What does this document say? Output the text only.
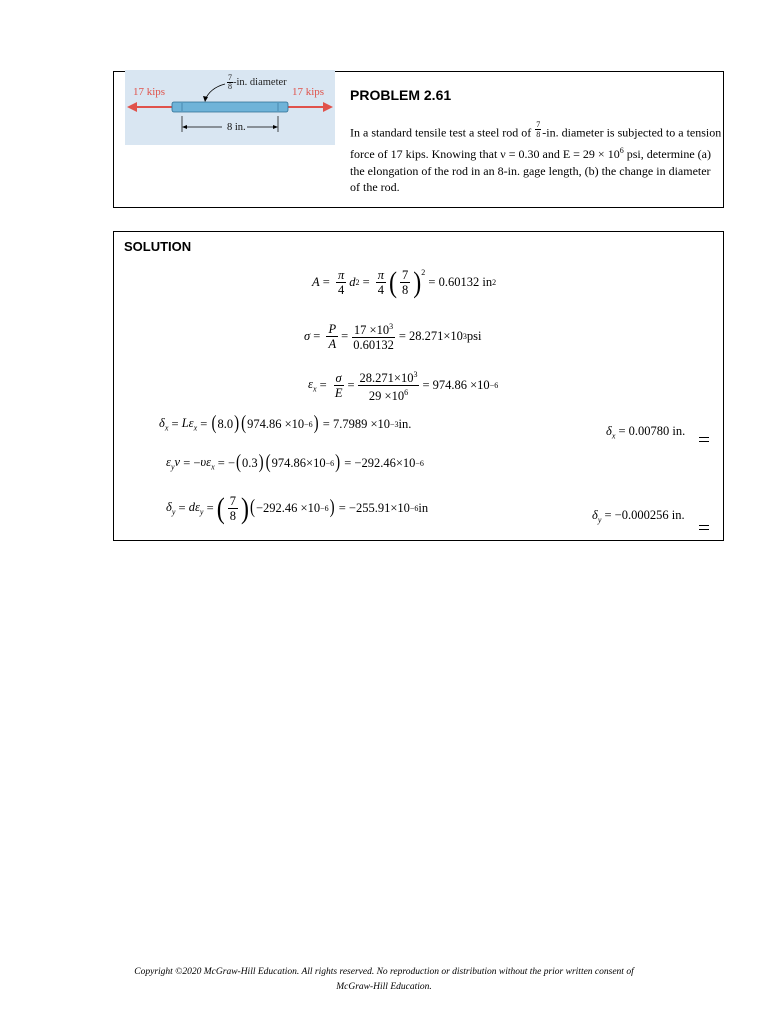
17 kips	17 kips
$\frac{7}{8} -in$. diameter
8 in.
PROBLEM 2.61
In a standard tensile test a steel rod of $\frac{7}{8} -in$. diameter is subjected to a tension force of 17 kips. Knowing that ν = 0.30 and $E = 29 \times 10^6$ psi, determine (a) the elongation of the rod in an 8-in. gage length, (b) the change in diameter of the rod.
SOLUTION
$A = \frac{\pi}{4}$ d $2 = \frac{\pi}{4}$ ( $\frac{7}{8} )^2$

= 0.60132 in 2
$\sigma = \frac{P}{A} = \frac{17 \times 10^3}{0.60132} = 28.271\times 10$ 3 psi
$\varepsilon_x = \frac{\sigma}{E} = \frac{28.271\times 10^3}{29 \times 10^6} = 974.86 \times 10 -6$
$\delta_x = L\varepsilon_x$ = ( 8.0 ) ( 974.86 ×10 −6 )
= 7.7989 ×10 −3 in.	$\delta_x = 0.00780$ in.
$\varepsilon_y\nu$ = − $\upsilon\varepsilon_x$ = − ( 0.3 ) ( 974.86×10 −6 )
= −292.46×10 −6
$\delta_y = d\varepsilon_y$ = ( $\frac{7}{8}$ ) ( −292.46 ×10 −6 )
= −255.91×10 −6 in	$\delta_y = -0.000256$ in.
Copyright ©2020 McGraw-Hill Education. All rights reserved. No reproduction or distribution without the prior written consent of
McGraw-Hill Education.
